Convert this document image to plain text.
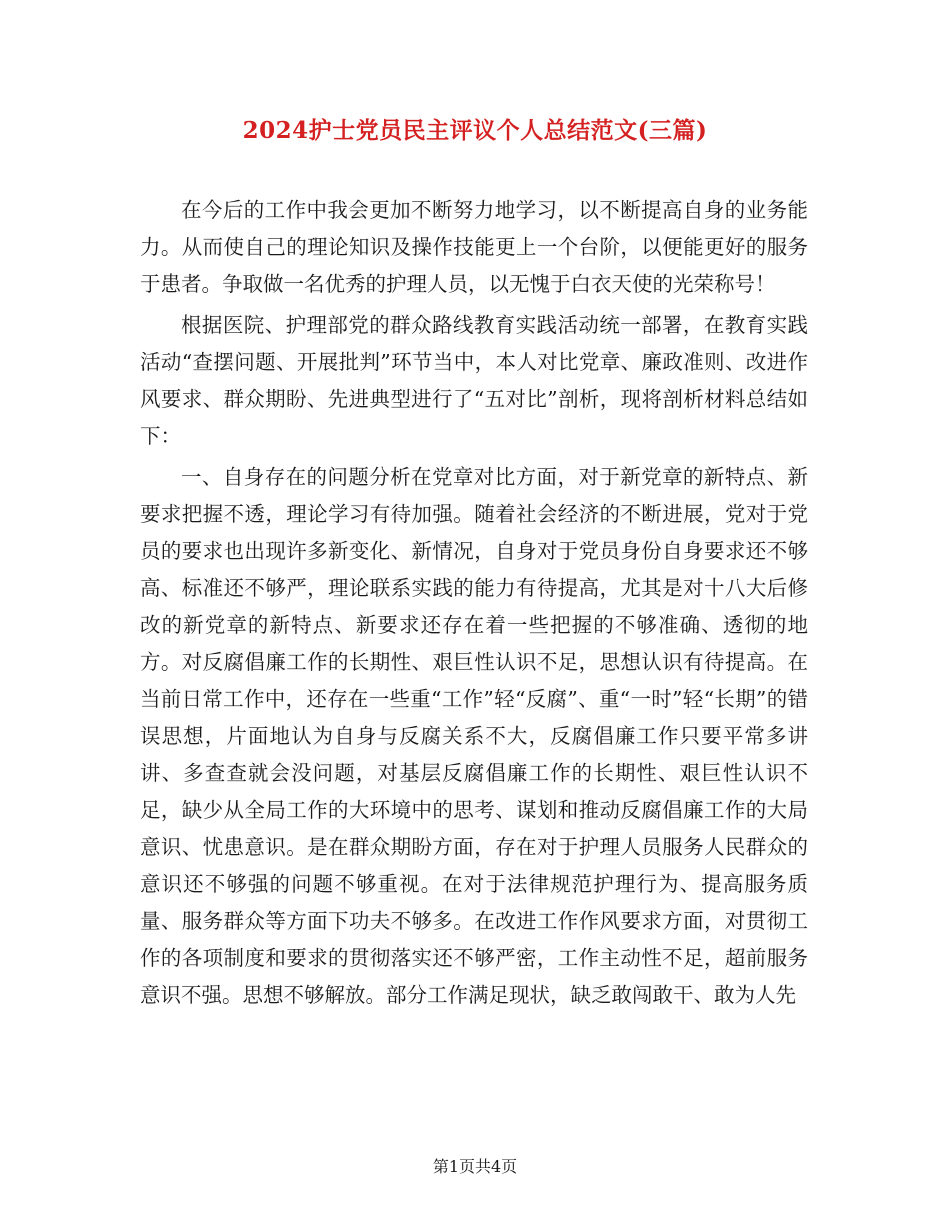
2024护士党员民主评议个人总结范文(三篇)

在今后的工作中我会更加不断努力地学习，以不断提高自身的业务能力。从而使自己的理论知识及操作技能更上一个台阶，以便能更好的服务于患者。争取做一名优秀的护理人员，以无愧于白衣天使的光荣称号！

根据医院、护理部党的群众路线教育实践活动统一部署，在教育实践活动“查摆问题、开展批判”环节当中，本人对比党章、廉政准则、改进作风要求、群众期盼、先进典型进行了“五对比”剖析，现将剖析材料总结如下：

一、自身存在的问题分析在党章对比方面，对于新党章的新特点、新要求把握不透，理论学习有待加强。随着社会经济的不断进展，党对于党员的要求也出现许多新变化、新情况，自身对于党员身份自身要求还不够高、标准还不够严，理论联系实践的能力有待提高，尤其是对十八大后修改的新党章的新特点、新要求还存在着一些把握的不够准确、透彻的地方。对反腐倡廉工作的长期性、艰巨性认识不足，思想认识有待提高。在当前日常工作中，还存在一些重“工作”轻“反腐”、重“一时”轻“长期”的错误思想，片面地认为自身与反腐关系不大，反腐倡廉工作只要平常多讲讲、多查查就会没问题，对基层反腐倡廉工作的长期性、艰巨性认识不足，缺少从全局工作的大环境中的思考、谋划和推动反腐倡廉工作的大局意识、忧患意识。是在群众期盼方面，存在对于护理人员服务人民群众的意识还不够强的问题不够重视。在对于法律规范护理行为、提高服务质量、服务群众等方面下功夫不够多。在改进工作作风要求方面，对贯彻工作的各项制度和要求的贯彻落实还不够严密，工作主动性不足，超前服务意识不强。思想不够解放。部分工作满足现状，缺乏敢闯敢干、敢为人先

第1页共4页
